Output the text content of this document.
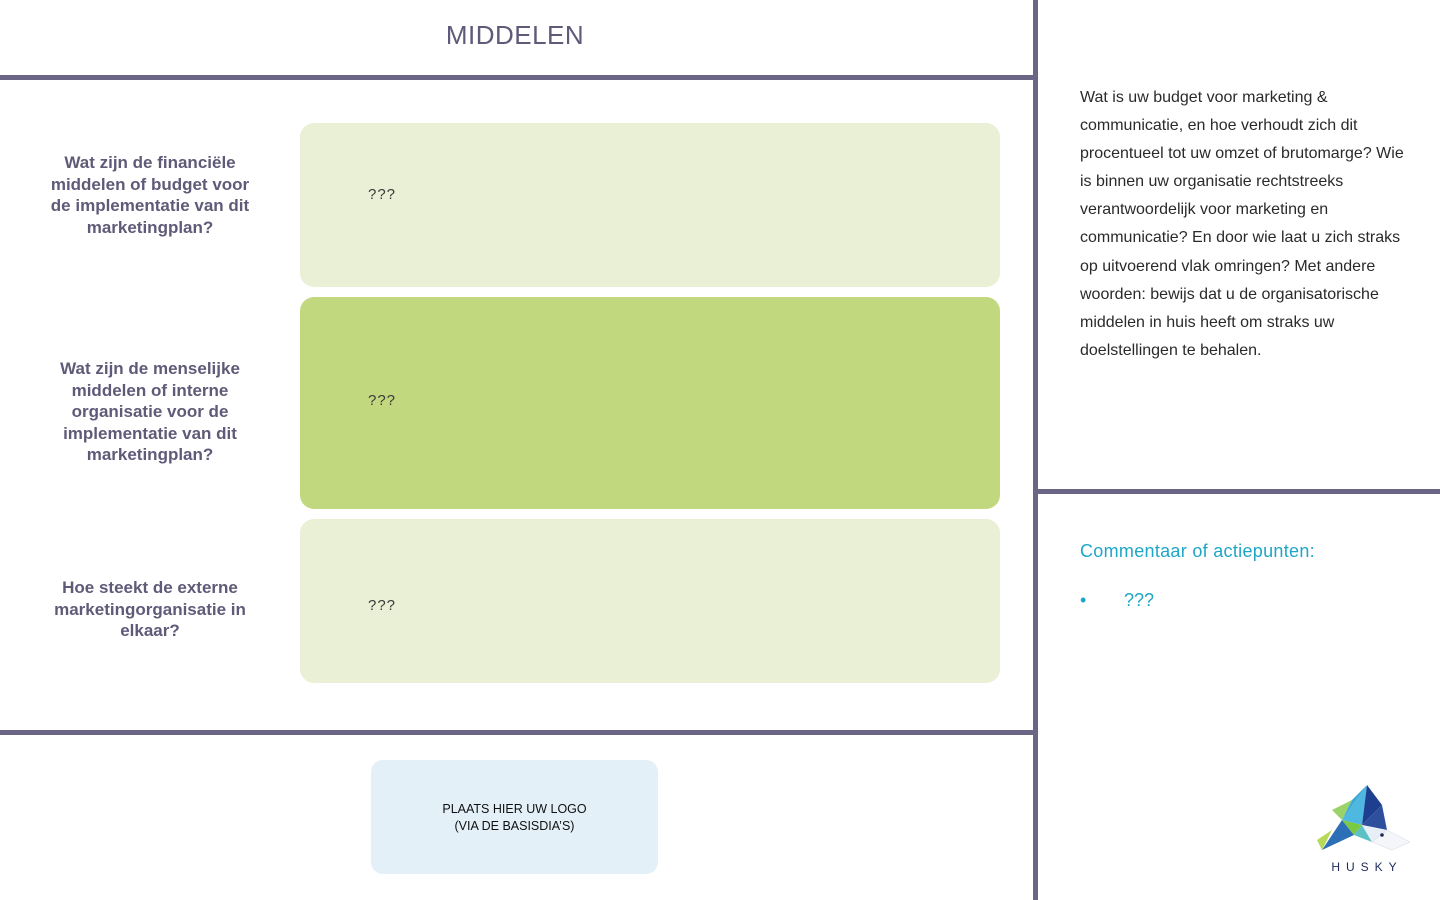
MIDDELEN
Wat zijn de financiële middelen of budget voor de implementatie van dit marketingplan?
???
Wat zijn de menselijke middelen of interne organisatie voor de implementatie van dit marketingplan?
???
Hoe steekt de externe marketingorganisatie in elkaar?
???
Wat is uw budget voor marketing & communicatie, en hoe verhoudt zich dit procentueel tot uw omzet of brutomarge? Wie is binnen uw organisatie rechtstreeks verantwoordelijk voor marketing en communicatie? En door wie laat u zich straks op uitvoerend vlak omringen? Met andere woorden: bewijs dat u de organisatorische middelen in huis heeft om straks uw doelstellingen te behalen.
Commentaar of actiepunten:
• ???
PLAATS HIER UW LOGO
(VIA DE BASISDIA’S)
HUSKY
